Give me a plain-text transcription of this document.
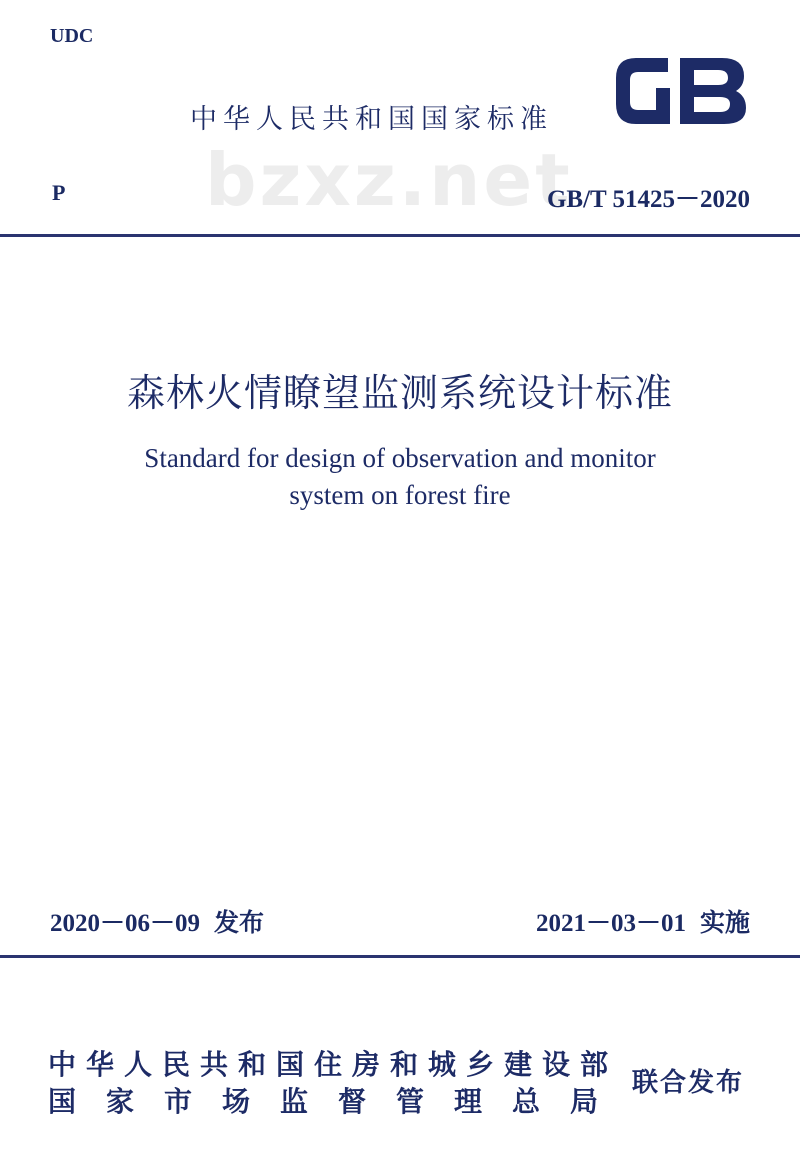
UDC
中华人民共和国国家标准
bzxz.net
P	GB/T 51425－2020
森林火情瞭望监测系统设计标准
Standard for design of observation and monitor
system on forest fire
2020－06－09 发布	2021－03－01 实施
中华人民共和国住房和城乡建设部
国家市场监督管理总局
联合发布
